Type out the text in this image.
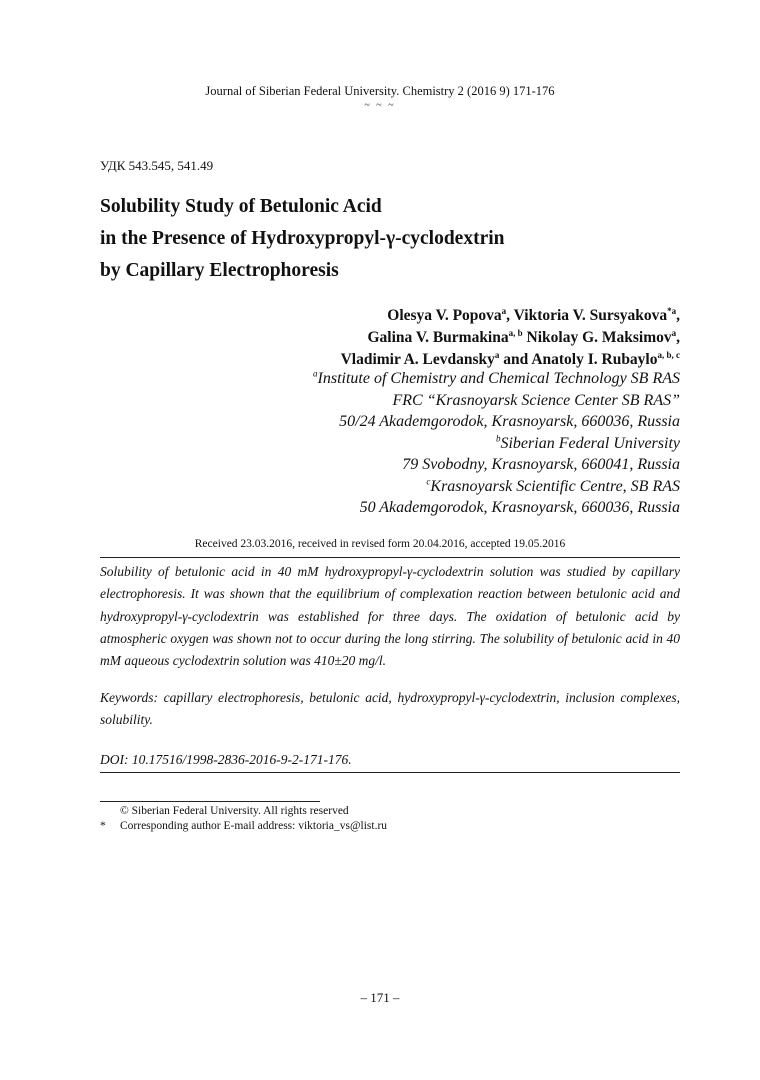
Journal of Siberian Federal University. Chemistry 2 (2016 9) 171-176
~ ~ ~
УДК 543.545, 541.49
Solubility Study of Betulonic Acid
in the Presence of Hydroxypropyl-γ-cyclodextrin
by Capillary Electrophoresis
Olesya V. Popova$^a$, Viktoria V. Sursyakova$^{*a}$,
Galina V. Burmakina$^{a, b}$ Nikolay G. Maksimov$^a$,
Vladimir A. Levdansky$^a$ and Anatoly I. Rubaylo$^{a, b, c}$
$^a$Institute of Chemistry and Chemical Technology SB RAS
FRC “Krasnoyarsk Science Center SB RAS”
50/24 Akademgorodok, Krasnoyarsk, 660036, Russia
$^b$Siberian Federal University
79 Svobodny, Krasnoyarsk, 660041, Russia
$^c$Krasnoyarsk Scientific Centre, SB RAS
50 Akademgorodok, Krasnoyarsk, 660036, Russia
Received 23.03.2016, received in revised form 20.04.2016, accepted 19.05.2016
Solubility of betulonic acid in 40 mM hydroxypropyl-γ-cyclodextrin solution was studied by capillary electrophoresis. It was shown that the equilibrium of complexation reaction between betulonic acid and hydroxypropyl-γ-cyclodextrin was established for three days. The oxidation of betulonic acid by atmospheric oxygen was shown not to occur during the long stirring. The solubility of betulonic acid in 40 mM aqueous cyclodextrin solution was 410±20 mg/l.
Keywords: capillary electrophoresis, betulonic acid, hydroxypropyl-γ-cyclodextrin, inclusion complexes, solubility.
DOI: 10.17516/1998-2836-2016-9-2-171-176.
© Siberian Federal University. All rights reserved
* Corresponding author E-mail address: viktoria_vs@list.ru
– 171 –
